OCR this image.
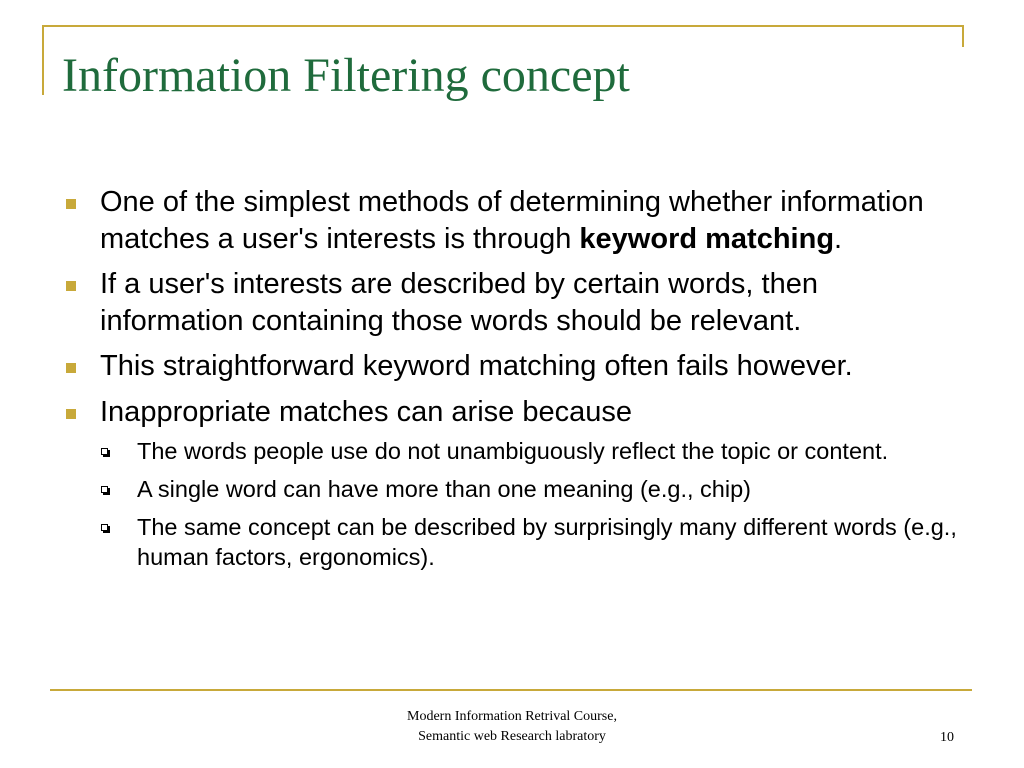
Information Filtering concept
One of the simplest methods of determining whether information matches a user's interests is through keyword matching.
If a user's interests are described by certain words, then information containing those words should be relevant.
This straightforward keyword matching often fails however.
Inappropriate matches can arise because
The words people use do not unambiguously reflect the topic or content.
A single word can have more than one meaning (e.g., chip)
The same concept can be described by surprisingly many different words (e.g., human factors, ergonomics).
Modern Information Retrival Course,
Semantic web Research labratory	10
